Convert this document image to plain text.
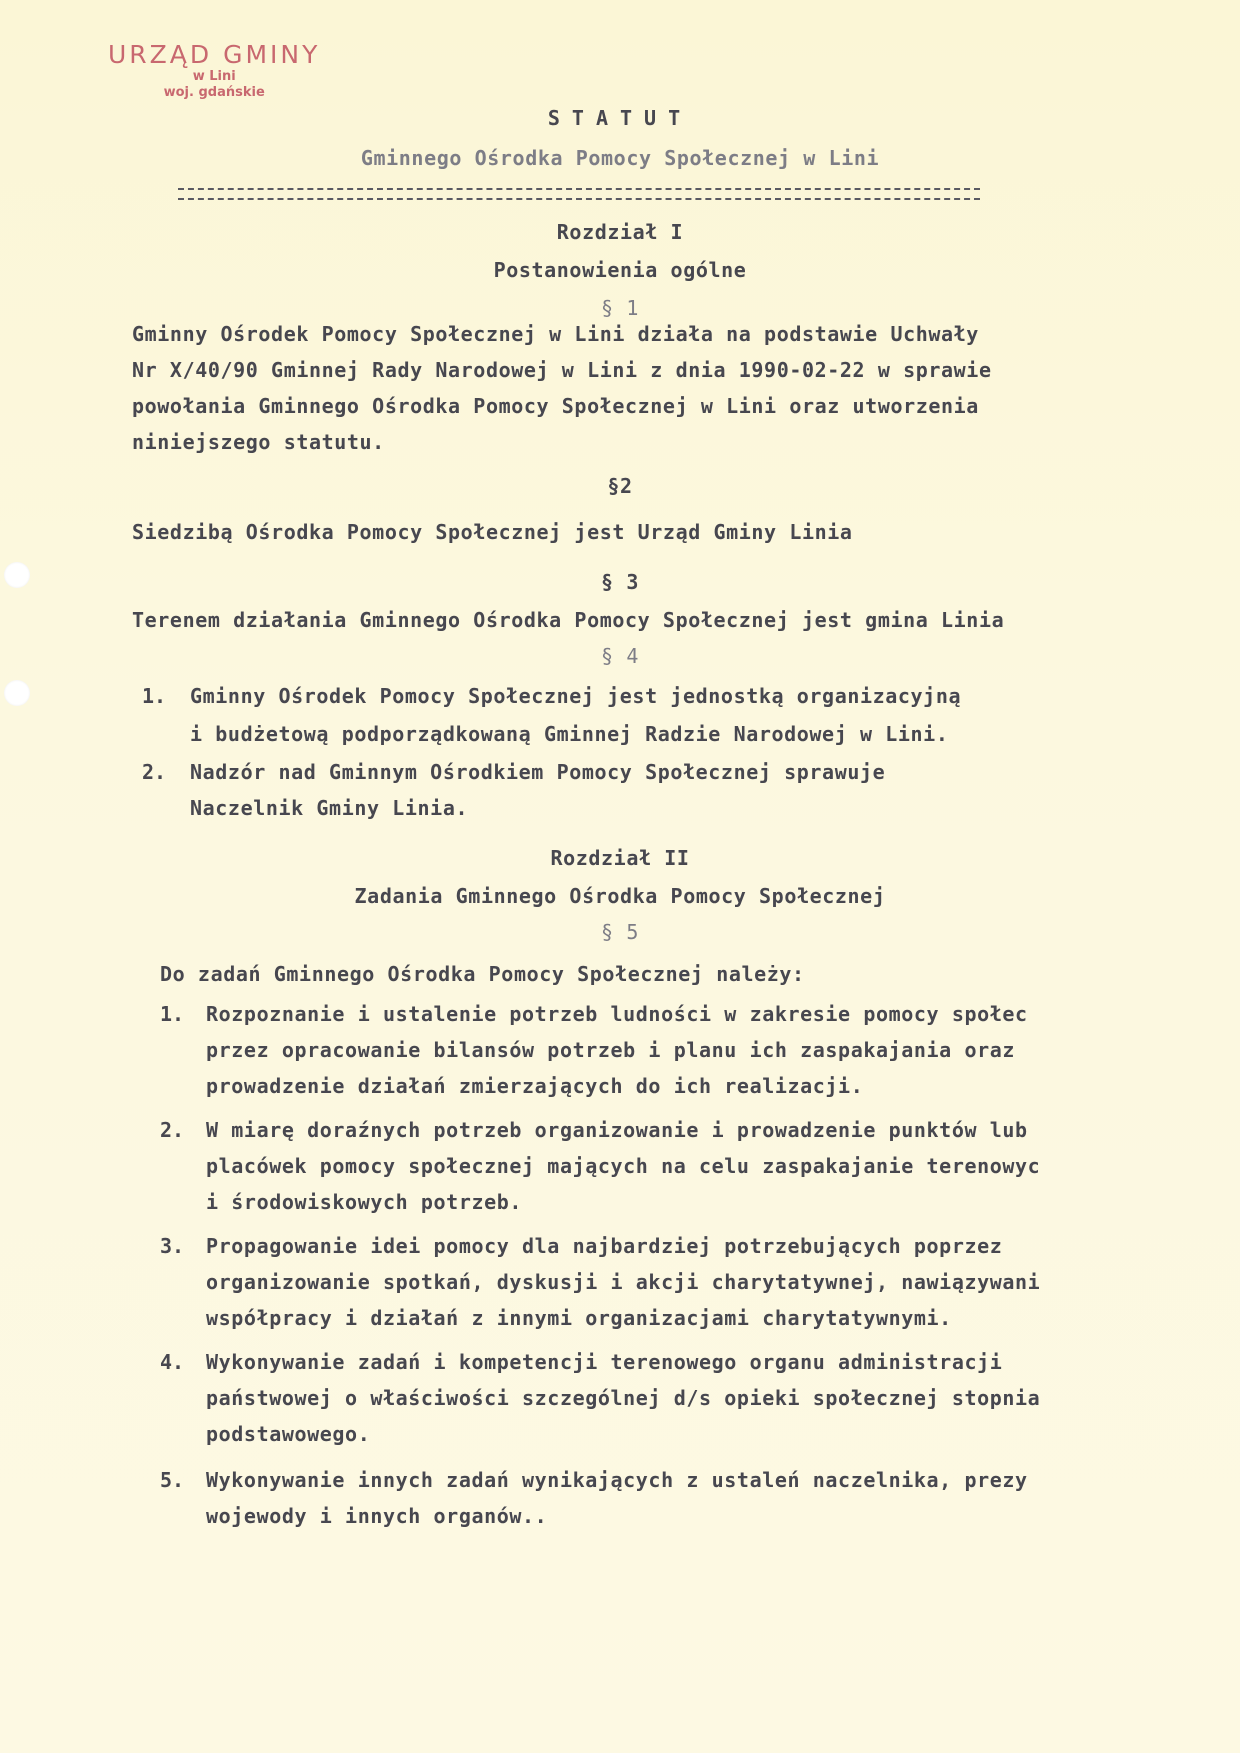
URZĄD GMINY
w Lini
woj. gdańskie
STATUT
Gminnego Ośrodka Pomocy Społecznej w Lini
Rozdział I
Postanowienia ogólne
§ 1
Gminny Ośrodek Pomocy Społecznej w Lini działa na podstawie Uchwały
Nr X/40/90 Gminnej Rady Narodowej w Lini z dnia 1990-02-22 w sprawie
powołania Gminnego Ośrodka Pomocy Społecznej w Lini oraz utworzenia
niniejszego statutu.
§2
Siedzibą Ośrodka Pomocy Społecznej jest Urząd Gminy Linia
§ 3
Terenem działania Gminnego Ośrodka Pomocy Społecznej jest gmina Linia
§ 4
1. Gminny Ośrodek Pomocy Społecznej jest jednostką organizacyjną
i budżetową podporządkowaną Gminnej Radzie Narodowej w Lini.
2. Nadzór nad Gminnym Ośrodkiem Pomocy Społecznej sprawuje
Naczelnik Gminy Linia.
Rozdział II
Zadania Gminnego Ośrodka Pomocy Społecznej
§ 5
Do zadań Gminnego Ośrodka Pomocy Społecznej należy:
1. Rozpoznanie i ustalenie potrzeb ludności w zakresie pomocy społec
przez opracowanie bilansów potrzeb i planu ich zaspakajania oraz
prowadzenie działań zmierzających do ich realizacji.
2. W miarę doraźnych potrzeb organizowanie i prowadzenie punktów lub
placówek pomocy społecznej mających na celu zaspakajanie terenowyc
i środowiskowych potrzeb.
3. Propagowanie idei pomocy dla najbardziej potrzebujących poprzez
organizowanie spotkań, dyskusji i akcji charytatywnej, nawiązywani
współpracy i działań z innymi organizacjami charytatywnymi.
4. Wykonywanie zadań i kompetencji terenowego organu administracji
państwowej o właściwości szczególnej d/s opieki społecznej stopnia
podstawowego.
5. Wykonywanie innych zadań wynikających z ustaleń naczelnika, prezy
wojewody i innych organów..
